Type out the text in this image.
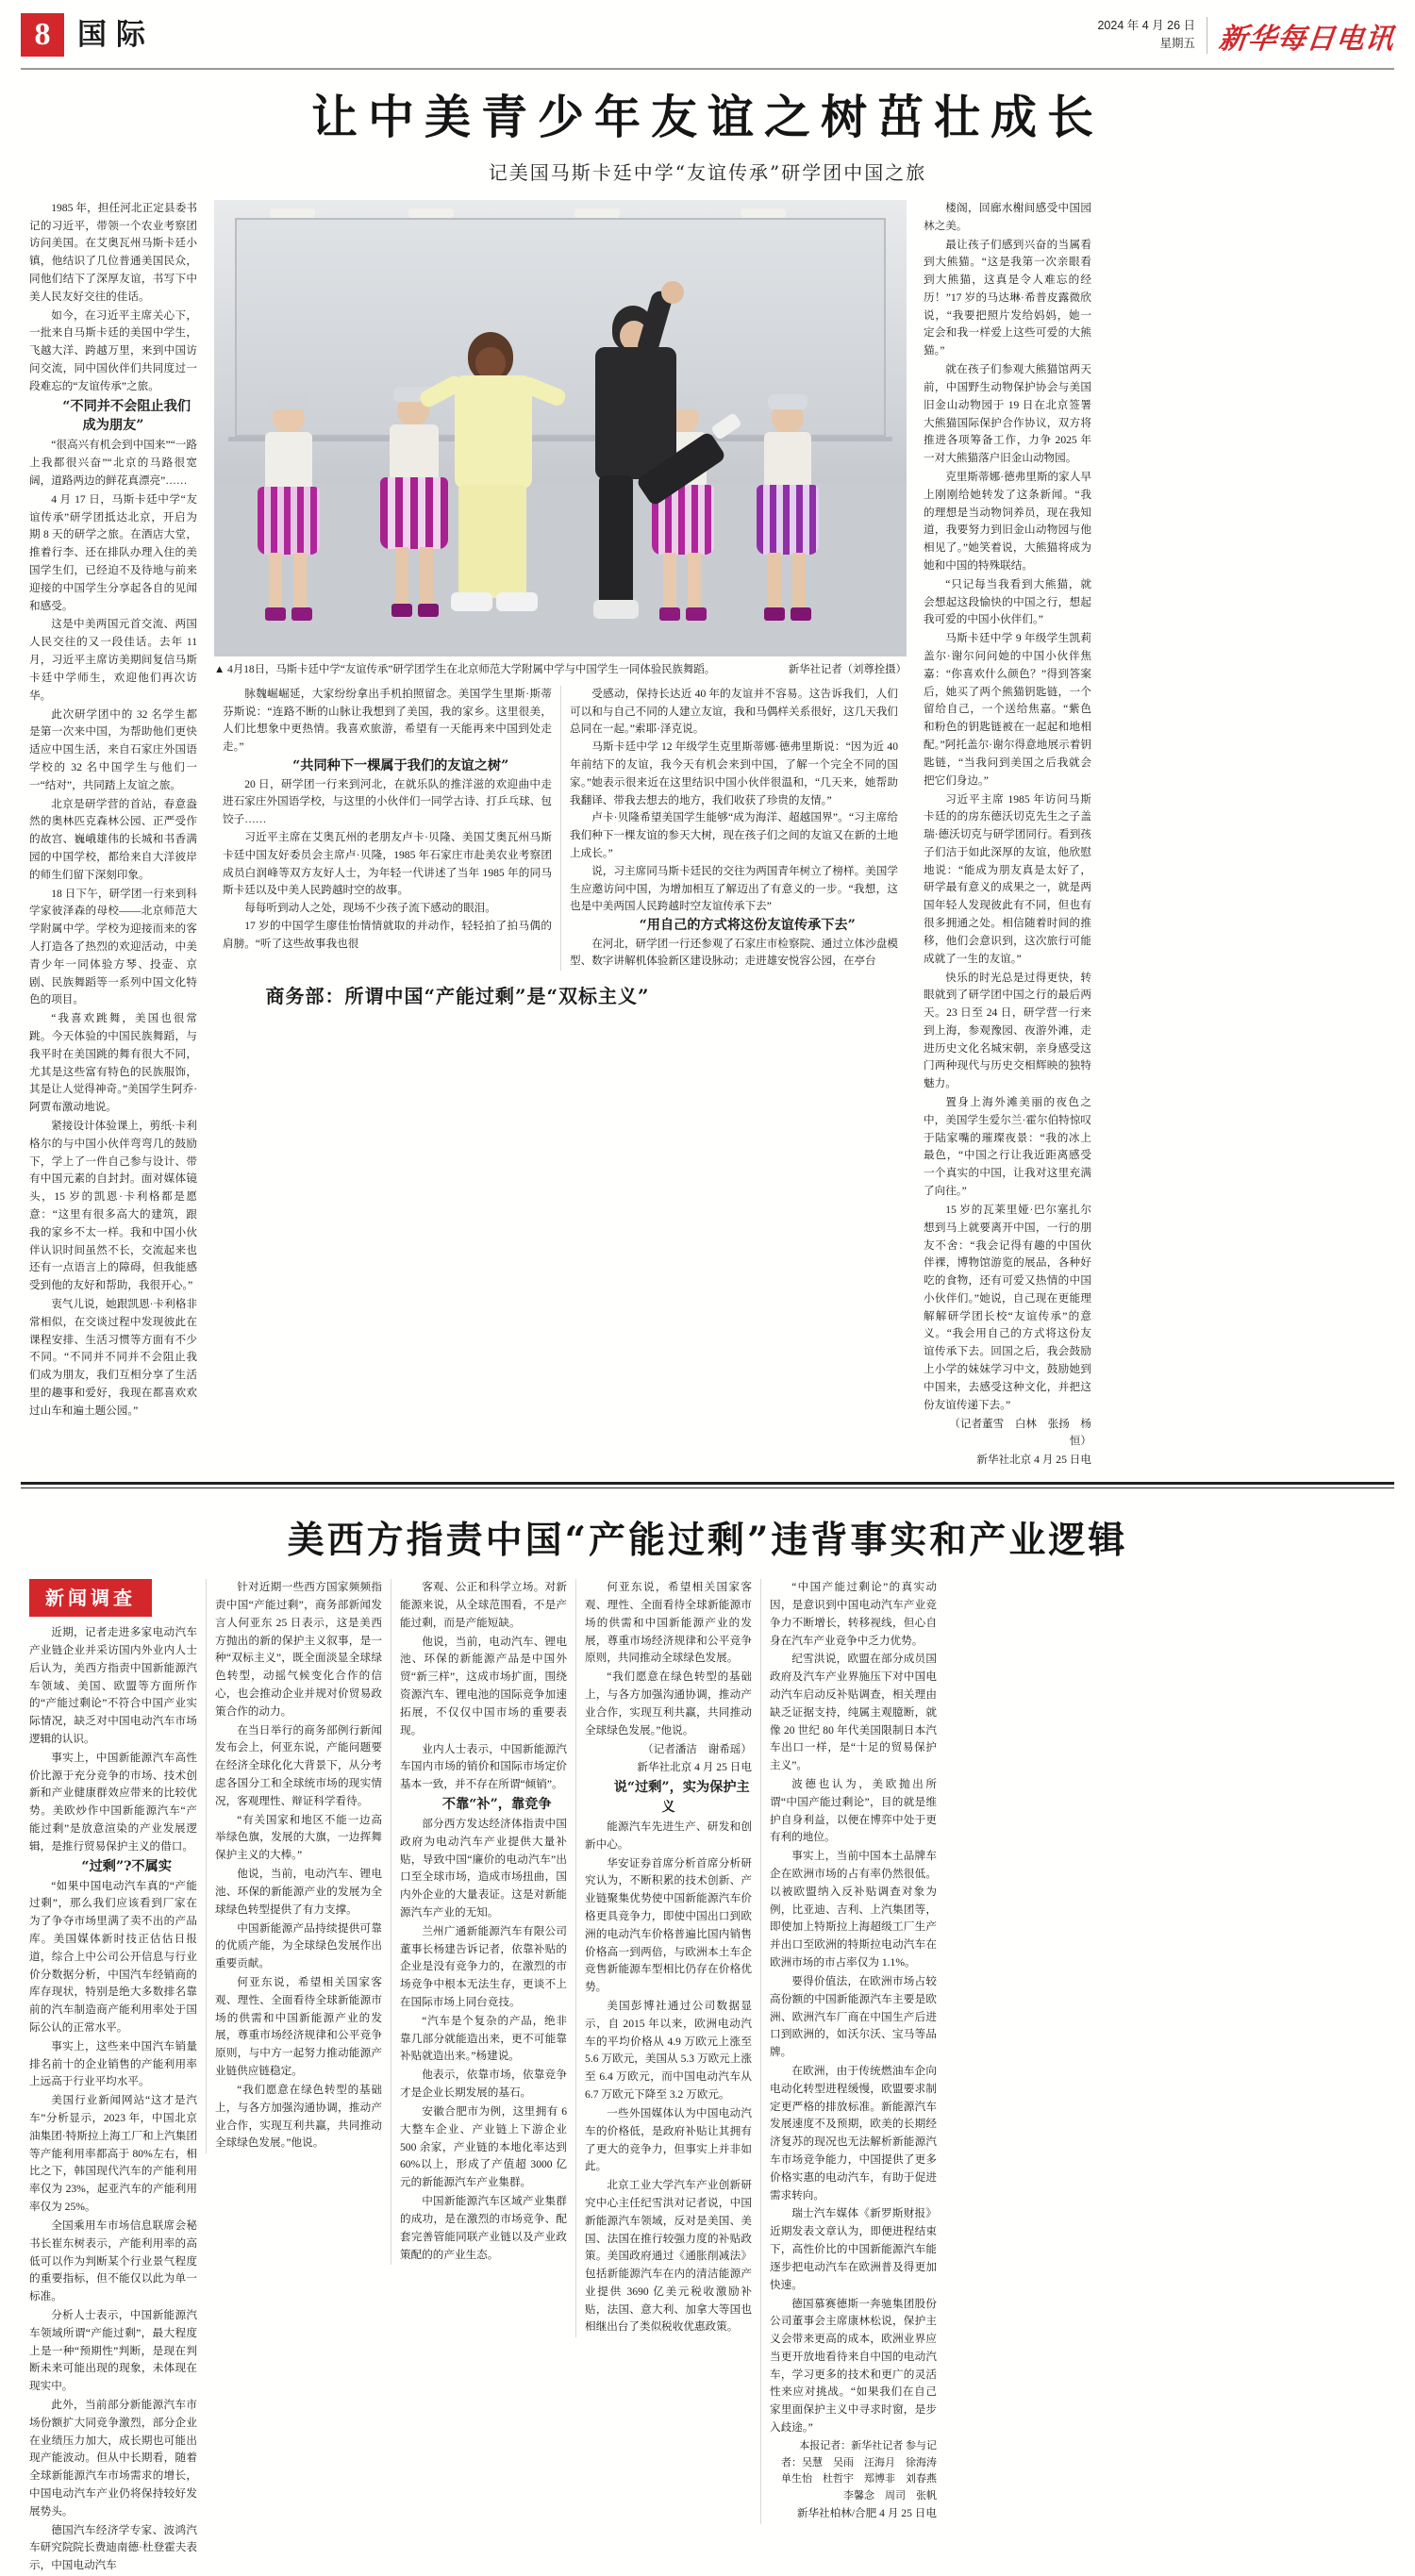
8 国际	2024 年 4 月 26 日
星期五 新华每日电讯
让中美青少年友谊之树茁壮成长
记美国马斯卡廷中学“友谊传承”研学团中国之旅

1985 年，担任河北正定县委书记的习近平，带领一个农业考察团访问美国。在艾奥瓦州马斯卡廷小镇，他结识了几位普通美国民众，同他们结下了深厚友谊，书写下中美人民友好交往的佳话。

如今，在习近平主席关心下，一批来自马斯卡廷的美国中学生，飞越大洋、跨越万里，来到中国访问交流，同中国伙伴们共同度过一段难忘的“友谊传承”之旅。

“不同并不会阻止我们成为朋友”

“很高兴有机会到中国来”“一路上我都很兴奋”“北京的马路很宽阔，道路两边的鲜花真漂亮”……

4 月 17 日，马斯卡廷中学“友谊传承”研学团抵达北京，开启为期 8 天的研学之旅。在酒店大堂，推着行李、还在排队办理入住的美国学生们，已经迫不及待地与前来迎接的中国学生分享起各自的见闻和感受。

这是中美两国元首交流、两国人民交往的又一段佳话。去年 11 月，习近平主席访美期间复信马斯卡廷中学师生，欢迎他们再次访华。

此次研学团中的 32 名学生都是第一次来中国，为帮助他们更快适应中国生活，来自石家庄外国语学校的 32 名中国学生与他们一一“结对”，共同踏上友谊之旅。

北京是研学营的首站，春意盎然的奥林匹克森林公园、正严受作的故宫、巍峨雄伟的长城和书香满园的中国学校，都给来自大洋彼岸的师生们留下深刻印象。

18 日下午，研学团一行来到科学家彼泽森的母校——北京师范大学附属中学。学校为迎接而来的客人打造各了热烈的欢迎活动，中美青少年一同体验方琴、投壶、京剧、民族舞蹈等一系列中国文化特色的项目。

“我喜欢跳舞，美国也很常跳。今天体验的中国民族舞蹈，与我平时在美国跳的舞有很大不同，尤其是这些富有特色的民族服饰，其是让人觉得神奇。”美国学生阿乔·阿贾布激动地说。

紧接设计体验课上，剪纸·卡利格尔的与中国小伙伴弯弯几的鼓励下，学上了一件自己参与设计、带有中国元素的自封封。面对媒体镜头，15 岁的凯恩·卡利格都是愿意：“这里有很多高大的建筑，跟我的家乡不太一样。我和中国小伙伴认识时间虽然不长，交流起来也还有一点语言上的障碍，但我能感受到他的友好和帮助，我很开心。”

衷气儿说，她跟凯恩·卡利格非常相似，在交谈过程中发现彼此在课程安排、生活习惯等方面有不少不同。“不同并不同并不会阻止我们成为朋友，我们互相分享了生活里的趣事和爱好，我现在都喜欢欢过山车和遍土题公园。”

新华社记者（刘尊拴摄）
▲ 4月18日，马斯卡廷中学“友谊传承”研学团学生在北京师范大学附属中学与中国学生一同体验民族舞蹈。

脉魏崛崛延，大家纷纷拿出手机拍照留念。美国学生里斯·斯蒂芬斯说：“连路不断的山脉让我想到了美国，我的家乡。这里很美，人们比想象中更热情。我喜欢旅游，希望有一天能再来中国到处走走。”

“共同种下一棵属于我们的友谊之树”

20 日，研学团一行来到河北，在就乐队的推洋滋的欢迎曲中走进石家庄外国语学校，与这里的小伙伴们一同学古诗、打乒乓球、包饺子……

习近平主席在艾奥瓦州的老朋友卢卡·贝隆、美国艾奥瓦州马斯卡廷中国友好委员会主席卢·贝隆，1985 年石家庄市赴美农业考察团成员白润峰等双方友好人士，为年轻一代讲述了当年 1985 年的同马斯卡廷以及中美人民跨越时空的故事。

每每听到动人之处，现场不少孩子流下感动的眼泪。

17 岁的中国学生廖佳怡情情就取的并动作，轻轻拍了拍马偶的肩膀。“听了这些故事我也很

受感动，保持长达近 40 年的友谊并不容易。这告诉我们，人们可以和与自己不同的人建立友谊，我和马偶样关系很好，这几天我们总同在一起。”索耶·泽克说。

马斯卡廷中学 12 年级学生克里斯蒂娜·德弗里斯说：“因为近 40 年前结下的友谊，我今天有机会来到中国，了解一个完全不同的国家。”她表示很来近在这里结识中国小伙伴很温和，“几天来，她帮助我翻译、带我去想去的地方，我们收获了珍贵的友情。”

卢卡·贝隆希望美国学生能够“成为海洋、超越国界”。“习主席给我们种下一棵友谊的参天大树，现在孩子们之间的友谊又在新的土地上成长。”

说，习主席同马斯卡廷民的交往为两国青年树立了榜样。美国学生应邀访问中国，为增加相互了解迈出了有意义的一步。“我想，这也是中美两国人民跨越时空友谊传承下去”

“用自己的方式将这份友谊传承下去”

在河北，研学团一行还参观了石家庄市检察院、通过立体沙盘模型、数字讲解机体验新区建设脉动；走进雄安悦容公园，在亭台

楼阁，回廊水榭间感受中国园林之美。

最让孩子们感到兴奋的当属看到大熊猫。“这是我第一次亲眼看到大熊猫，这真是令人难忘的经历！”17 岁的马达琳·希普皮露微欣说，“我要把照片发给妈妈，她一定会和我一样爱上这些可爱的大熊猫。”

就在孩子们参观大熊猫馆两天前，中国野生动物保护协会与美国旧金山动物园于 19 日在北京签署大熊猫国际保护合作协议，双方将推进各项筹备工作，力争 2025 年一对大熊猫落户旧金山动物园。

克里斯蒂娜·德弗里斯的家人早上刚刚给她转发了这条新闻。“我的理想是当动物饲养员，现在我知道，我要努力到旧金山动物园与他相见了。”她笑着说，大熊猫将成为她和中国的特殊联结。

“只记每当我看到大熊猫，就会想起这段愉快的中国之行，想起我可爱的中国小伙伴们。”

马斯卡廷中学 9 年级学生凯莉盖尔·谢尔问问她的中国小伙伴焦嘉：“你喜欢什么颜色？”得到答案后，她买了两个熊猫钥匙链，一个留给自己，一个送给焦嘉。“紫色和粉色的钥匙链被在一起起和地相配。”阿托盖尔·谢尔得意地展示着钥匙链，“当我问到美国之后我就会把它们身边。”

习近平主席 1985 年访问马斯卡廷的的房东德沃切克先生之子盖瑞·德沃切克与研学团同行。看到孩子们洁于如此深厚的友谊，他欣慰地说：“能成为朋友真是太好了，研学最有意义的成果之一，就是两国年轻人发现彼此有不同，但也有很多拥通之处。相信随着时间的推移，他们会意识到，这次旅行可能成就了一生的友谊。”

快乐的时光总是过得更快，转眼就到了研学团中国之行的最后两天。23 日至 24 日，研学营一行来到上海，参观豫园、夜游外滩，走进历史文化名城宋朝，亲身感受这门两种现代与历史交相辉映的独特魅力。

置身上海外滩美丽的夜色之中，美国学生爱尔兰·霍尔伯特惊叹于陆家嘴的璀璨夜景：“我的冰上最色，“中国之行让我近距离感受一个真实的中国，让我对这里充满了向往。”

15 岁的瓦莱里娅·巴尔塞扎尔想到马上就要离开中国，一行的朋友不舍：“我会记得有趣的中国伙伴裸，博物馆游览的展品，各种好吃的食物，还有可爱又热情的中国小伙伴们。”她说，自己现在更能理解解研学团长校“友谊传承”的意义。“我会用自己的方式将这份友谊传承下去。回国之后，我会鼓励上小学的妹妹学习中文，鼓励她到中国来，去感受这种文化，并把这份友谊传递下去。”

（记者董雪　白林　张扬　杨恒）

新华社北京 4 月 25 日电

美西方指责中国“产能过剩”违背事实和产业逻辑
新闻调查

近期，记者走进多家电动汽车产业链企业并采访国内外业内人士后认为，美西方指责中国新能源汽车领域、美国、欧盟等方面所作的“产能过剩论”不符合中国产业实际情况，缺乏对中国电动汽车市场逻辑的认识。

事实上，中国新能源汽车高性价比源于充分竞争的市场、技术创新和产业健康群效应带来的比较优势。美欧炒作中国新能源汽车“产能过剩”是放意渲染的产业发展逻辑，是推行贸易保护主义的借口。

“过剩”?不属实

“如果中国电动汽车真的“产能过剩”，那么我们应该看到厂家在为了争夺市场里满了卖不出的产品库。美国媒体新时技正估估日报道，综合上中公司公开信息与行业价分数据分析，中国汽车经销商的库存现状，特别是绝大多数排名靠前的汽车制造商产能利用率处于国际公认的正常水平。

事实上，这些来中国汽车销量排名前十的企业销售的产能利用率上远高于行业平均水平。

美国行业新闻网站“这才是汽车”分析显示，2023 年，中国北京油集团·特斯拉上海工厂和上汽集团等产能利用率都高于 80%左右，相比之下，韩国现代汽车的产能利用率仅为 23%，起亚汽车的产能利用率仅为 25%。

全国乘用车市场信息联席会秘书长崔东树表示，产能利用率的高低可以作为判断某个行业景气程度的重要指标，但不能仅以此为单一标准。

分析人士表示，中国新能源汽车领域所谓“产能过剩”，最大程度上是一种“预期性”判断，是现在判断未来可能出现的现象，未体现在现实中。

此外，当前部分新能源汽车市场份额扩大同竞争激烈，部分企业在业绩压力加大，成长期也可能出现产能波动。但从中长期看，随着全球新能源汽车市场需求的增长，中国电动汽车产业仍将保持较好发展势头。

德国汽车经济学专家、波鸿汽车研究院院长费迪南德·杜登霍夫表示，中国电动汽车

针对近期一些西方国家频频指责中国“产能过剩”，商务部新闻发言人何亚东 25 日表示，这是美西方抛出的新的保护主义叙事，是一种“双标主义”，既全面淡显全球绿色转型，动摇气候变化合作的信心，也会推动企业并规对价贸易政策合作的动力。

在当日举行的商务部例行新闻发布会上，何亚东说，产能问题要在经济全球化化大背景下，从分考虑各国分工和全球统市场的现实情况，客观理性、辩证科学看待。

“有关国家和地区不能一边高举绿色旗，发展的大旗，一边挥舞保护主义的大棒。”

他说，当前，电动汽车、锂电池、环保的新能源产业的发展为全球绿色转型提供了有力支撑。

中国新能源产品持续提供可靠的优质产能，为全球绿色发展作出重要贡献。

何亚东说，希望相关国家客观、理性、全面看待全球新能源市场的供需和中国新能源产业的发展，尊重市场经济规律和公平竞争原则，与中方一起努力推动能源产业链供应链稳定。

“我们愿意在绿色转型的基础上，与各方加强沟通协调，推动产业合作，实现互利共赢，共同推动全球绿色发展。”他说。

客观、公正和科学立场。对新能源来说，从全球范围看，不是产能过剩，而是产能短缺。

他说，当前，电动汽车、锂电池、环保的新能源产品是中国外贸“新三样”，这成市场扩面，围绕资源汽车、锂电池的国际竞争加速拓展，不仅仅中国市场的重要表现。

业内人士表示，中国新能源汽车国内市场的销价和国际市场定价基本一致，并不存在所谓“倾销”。

不靠“补”，靠竞争

部分西方发达经济体指责中国政府为电动汽车产业提供大量补贴，导致中国“廉价的电动汽车”出口至全球市场，造成市场扭曲，国内外企业的大量表证。这是对新能源汽车产业的无知。

兰州广通新能源汽车有限公司董事长杨建告诉记者，依靠补贴的企业是没有竞争力的，在激烈的市场竞争中根本无法生存，更谈不上在国际市场上同台竞技。

“汽车是个复杂的产品，绝非靠几部分就能造出来，更不可能靠补贴就造出来。”杨建说。

他表示，依靠市场，依靠竞争才是企业长期发展的基石。

安徽合肥市为例，这里拥有 6 大整车企业、产业链上下游企业 500 余家，产业链的本地化率达到 60%以上，形成了产值超 3000 亿元的新能源汽车产业集群。

中国新能源汽车区域产业集群的成功，是在激烈的市场竞争、配套完善管能同联产业链以及产业政策配的的产业生态。

何亚东说，希望相关国家客观、理性、全面看待全球新能源市场的供需和中国新能源产业的发展，尊重市场经济规律和公平竞争原则，共同推动全球绿色发展。

“我们愿意在绿色转型的基础上，与各方加强沟通协调，推动产业合作，实现互利共赢，共同推动全球绿色发展。”他说。

（记者潘洁　谢希瑶）

新华社北京 4 月 25 日电

说“过剩”，实为保护主义

能源汽车先进生产、研发和创新中心。

华安证券首席分析首席分析研究认为，不断积累的技术创新、产业链聚集优势使中国新能源汽车价格更具竞争力，即使中国出口到欧洲的电动汽车价格普遍比国内销售价格高一到两倍，与欧洲本土车企竞售新能源车型相比仍存在价格优势。

美国彭博社通过公司数据显示，自 2015 年以来，欧洲电动汽车的平均价格从 4.9 万欧元上涨至 5.6 万欧元，美国从 5.3 万欧元上涨至 6.4 万欧元，而中国电动汽车从 6.7 万欧元下降至 3.2 万欧元。

一些外国媒体认为中国电动汽车的价格低，是政府补贴让其拥有了更大的竞争力，但事实上并非如此。

北京工业大学汽车产业创新研究中心主任纪雪洪对记者说，中国新能源汽车领域，反对是美国、美国、法国在推行较强力度的补贴政策。美国政府通过《通胀削减法》包括新能源汽车在内的清洁能源产业提供 3690 亿美元税收激励补贴，法国、意大利、加拿大等国也相继出台了类似税收优惠政策。

“中国产能过剩论”的真实动因，是意识到中国电动汽车产业竞争力不断增长，转移视线，但心自身在汽车产业竞争中乏力优势。

纪雪洪说，欧盟在部分成员国政府及汽车产业界施压下对中国电动汽车启动反补贴调查，相关理由缺乏证据支持，纯属主观臆断，就像 20 世纪 80 年代美国限制日本汽车出口一样，是“十足的贸易保护主义”。

波德也认为，美欧抛出所谓“中国产能过剩论”，目的就是维护自身利益，以便在博弈中处于更有利的地位。

事实上，当前中国本土品牌车企在欧洲市场的占有率仍然很低。以被欧盟纳入反补贴调查对象为例，比亚迪、吉利、上汽集团等，即使加上特斯拉上海超级工厂生产并出口至欧洲的特斯拉电动汽车在欧洲市场的市占率仅为 1.1%。

要得价值法，在欧洲市场占较高份额的中国新能源汽车主要是欧洲、欧洲汽车厂商在中国生产后进口到欧洲的，如沃尔沃、宝马等品牌。

在欧洲，由于传统燃油车企向电动化转型进程缓慢，欧盟要求制定更严格的排放标准。新能源汽车发展速度不及预期，欧美的长期经济复苏的现况也无法解析新能源汽车市场竞争能力，中国提供了更多价格实惠的电动汽车，有助于促进需求转向。

瑞士汽车媒体《新罗斯财报》近期发表文章认为，即便进程结束下，高性价比的中国新能源汽车能逐步把电动汽车在欧洲普及得更加快速。

德国慕赛德斯一奔驰集团股份公司董事会主席康林松说，保护主义会带来更高的成本，欧洲业界应当更开放地看待来自中国的电动汽车，学习更多的技术和更广的灵活性来应对挑战。“如果我们在自己家里面保护主义中寻求时窗，是步入歧途。”

本报记者：新华社记者 参与记者：吴慧　吴雨　汪海月　徐海涛　单生怡　杜哲宇　郑博非　刘春燕　李馨念　周司　张帆

新华社柏林/合肥 4 月 25 日电

商务部：所谓中国“产能过剩”是“双标主义”
